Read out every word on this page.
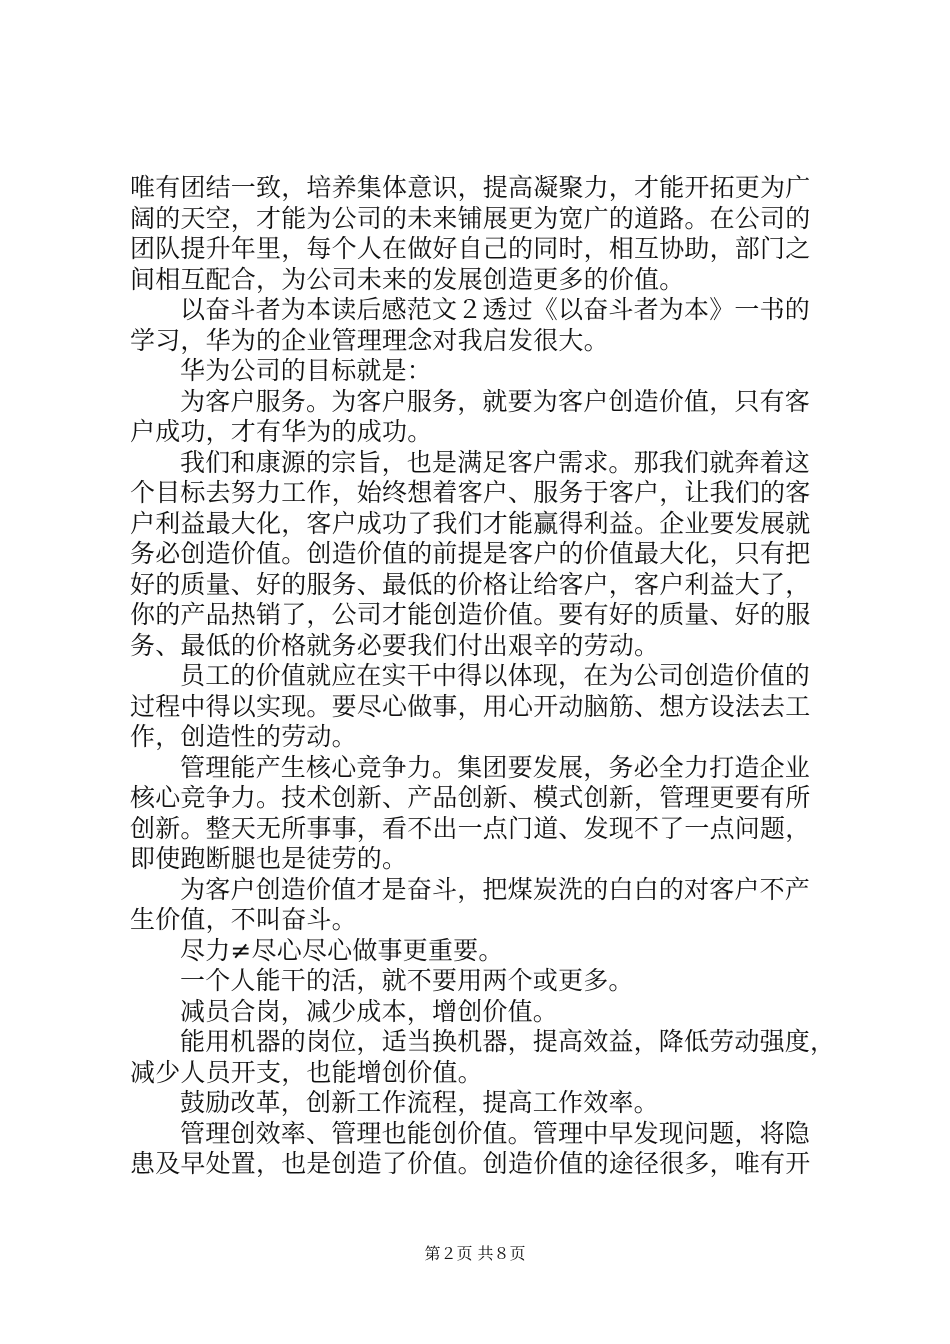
唯有团结一致，培养集体意识，提高凝聚力，才能开拓更为广
阔的天空，才能为公司的未来铺展更为宽广的道路。在公司的
团队提升年里，每个人在做好自己的同时，相互协助，部门之
间相互配合，为公司未来的发展创造更多的价值。
以奋斗者为本读后感范文２透过《以奋斗者为本》一书的
学习，华为的企业管理理念对我启发很大。
华为公司的目标就是：
为客户服务。为客户服务，就要为客户创造价值，只有客
户成功，才有华为的成功。
我们和康源的宗旨，也是满足客户需求。那我们就奔着这
个目标去努力工作，始终想着客户、服务于客户，让我们的客
户利益最大化，客户成功了我们才能赢得利益。企业要发展就
务必创造价值。创造价值的前提是客户的价值最大化，只有把
好的质量、好的服务、最低的价格让给客户，客户利益大了，
你的产品热销了，公司才能创造价值。要有好的质量、好的服
务、最低的价格就务必要我们付出艰辛的劳动。
员工的价值就应在实干中得以体现，在为公司创造价值的
过程中得以实现。要尽心做事，用心开动脑筋、想方设法去工
作，创造性的劳动。
管理能产生核心竞争力。集团要发展，务必全力打造企业
核心竞争力。技术创新、产品创新、模式创新，管理更要有所
创新。整天无所事事，看不出一点门道、发现不了一点问题，
即使跑断腿也是徒劳的。
为客户创造价值才是奋斗，把煤炭洗的白白的对客户不产
生价值，不叫奋斗。
尽力≠尽心尽心做事更重要。
一个人能干的活，就不要用两个或更多。
减员合岗，减少成本，增创价值。
能用机器的岗位，适当换机器，提高效益，降低劳动强度，
减少人员开支，也能增创价值。
鼓励改革，创新工作流程，提高工作效率。
管理创效率、管理也能创价值。管理中早发现问题，将隐
患及早处置，也是创造了价值。创造价值的途径很多，唯有开
第２页 共８页
